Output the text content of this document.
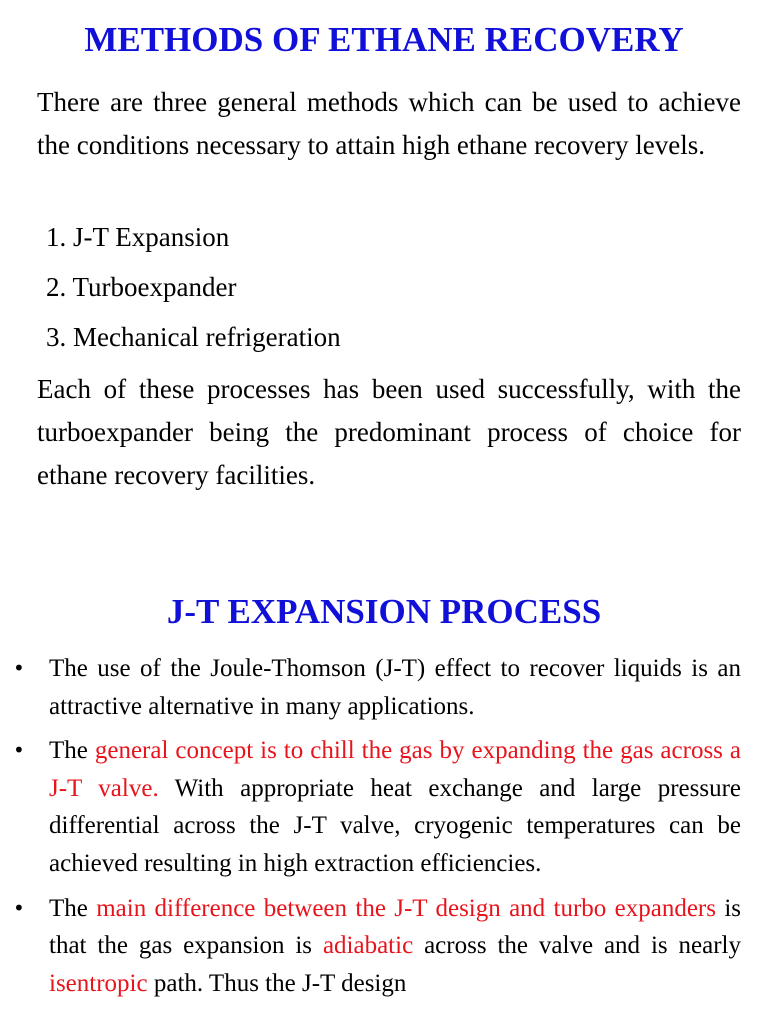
METHODS OF ETHANE RECOVERY

There are three general methods which can be used to achieve the conditions necessary to attain high ethane recovery levels.

1. J-T Expansion
2. Turboexpander
3. Mechanical refrigeration

Each of these processes has been used successfully, with the turboexpander being the predominant process of choice for ethane recovery facilities.

J-T EXPANSION PROCESS
• The use of the Joule-Thomson (J-T) effect to recover liquids is an attractive alternative in many applications.
• The general concept is to chill the gas by expanding the gas across a J-T valve. With appropriate heat exchange and large pressure differential across the J-T valve, cryogenic temperatures can be achieved resulting in high extraction efficiencies.
• The main difference between the J-T design and turbo expanders is that the gas expansion is adiabatic across the valve and is nearly isentropic path. Thus the J-T design
